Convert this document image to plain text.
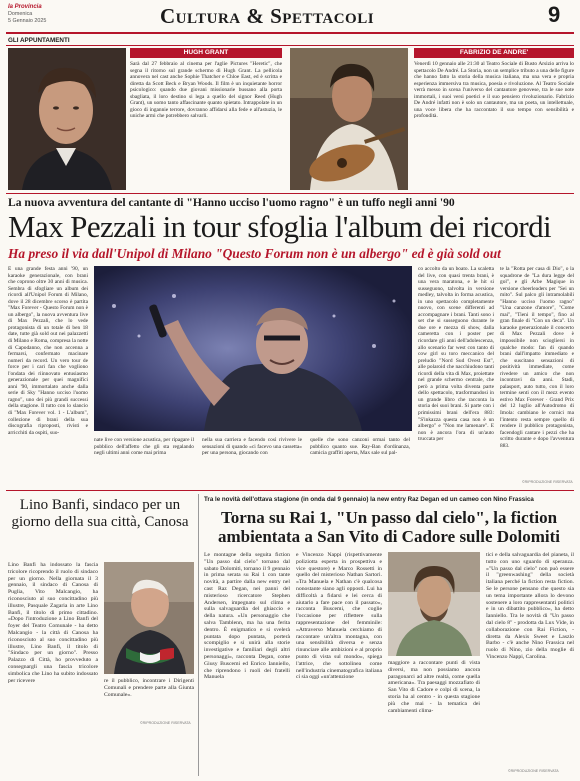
la Provincia
Domenica
5 Gennaio 2025	Cultura & Spettacoli	9
GLI APPUNTAMENTI
HUGH GRANT
Sarà dal 27 febbraio al cinema per l'aglie Pictures "Heretic", che segna il ritorno sul grande schermo di Hugh Grant. La pellicola annovera nel cast anche Sophie Thatcher e Chloe East, ed è scritta e diretta da Scott Beck e Bryan Woods. Il film è un inquietante horror psicologico: quando due giovani missionarie bussano alla porta sbagliata, il loro destino si lega a quello del signor Reed (Hugh Grant), un uomo tanto affascinante quanto spietato. Intrappolate in un gioco di ingannie terrore, dovranno affidarsi alla fede e all'astuzia, le uniche armi che potrebbero salvarli.
FABRIZIO DE ANDRE'
Venerdì 10 gennaio alle 21:30 al Teatro Sociale di Busto Arsizio arriva lo spettacolo De André. La Storia, non un semplice tributo a una delle figure che hanno fatto la storia della musica italiana, ma una vera e propria esperienza immersiva tra musica, poesia e rivoluzione. Al Teatro Sociale verrà messo in scena l'universo del cantautore genovese, tra le sue note immortali, i suoi versi poetici e il suo pensiero rivoluzionario. Fabrizio De André infatti non è solo un cantautore, ma un poeta, un intellettuale, una voce libera che ha raccontato il suo tempo con sensibilità e profondità.
La nuova avventura del cantante di "Hanno ucciso l'uomo ragno" è un tuffo negli anni '90
Max Pezzali in tour sfoglia l'album dei ricordi
Ha preso il via dall'Unipol di Milano "Questo Forum non è un albergo" ed è già sold out
È una grande festa anni '90, un karaoke generazionale, con brani che coprono oltre 30 anni di musica. Sembra di sfogliare un album dei ricordi all'Unipol Forum di Milano, dove il 28 dicembre scorso è partita "Max Forever - Questo Forum non è un albergo", la nuova avventura live di Max Pezzali, che lo vede protagonista di un totale di ben 18 date, tutte già sold out nei palazzetti di Milano e Roma, compresa la notte di Capodanno, che non accenna a fermarsi, confermato macinare numeri da record. Un vero tour de force per i cari fan che vogliono l'ondata dei riinnovato entusiasmo generazionale per quei magnifici anni '90, immortalato anche dalla serie di Sky "Hanno ucciso l'uomo ragno", uno dei più grandi successi della stagione. Il tutto con lo slancio di "Max Forever vol. 1 - L'album", collezione di brani della sua discografia riproposti, rivisti e arricchiti da ospiti, suo-
nate live con versione acustica, per ripagare il pubblico dell'affetto che gli sta regalando negli ultimi anni come mai prima
nella sua carriera e facendo così rivivere le sensazioni di quando «ci facevo una cassetta» per una persona, giocando con
quelle che sono canzoni ormai tanto del pubblico quanto sue. Ray-Ban d'ordinanza, camicia graffiti aperta, Max sale sul pal-
co accolto da un boato. La scaletta del live, con quasi trenta brani, è una vera maratona, e le hit si susseguono, talvolta in versione medley, talvolta in forma acustica, in uno spettacolo completamente nuovo, con scene differenti ad accompagnare i brani. Tanti sono i set che si susseguono durante le due ore e mezza di show, dalla cameretta con i poster per ricordare gli anni dell'adolescenza, allo scenario far west con tanto di cow girl su toro meccanico del preludio "Nord Sud Ovest Est", alle polaroid che nacchiudono tanti ricordi della vita di Max, proiettate nel grande schermo centrale, che però a prima volta diventa parte dello spettacolo, trasformandosi in un grande libro che racconta la storia dei suoi brani. Si parte con i primissimi brani dell'era 883: "S'inkazza questa casa non è un albergo" e "Non me lamenare". E non è ancora l'ora di un'auto truccata per
te la "Rotta per casa di Dio", o la squadrone de "La dura legge del gol", e gli Arbe Magique in versione cheerleaders per "Sei un mito". Sul palco gli intramolabili "Hanno ucciso l'uomo ragno" "Una canzone d'amore", "Come mai", "Tieni il tempo", fino al gran finale di "Con un deca". Un karaoke generazionale il concerto di Max Pezzali dove è impossibile non sciogliersi in qualche modo: fan di quando brani dall'impatto immediato e che suscitano sensazioni di positività immediate, come rivedere un amico che non incontravi da anni. Stadi, palasport, auto tutto, con il loro termine senti con il mezz evento estivo Max Forever · Grand Prix del 12 luglio all'Autodromo di Imola: cambiano le cornici ma l'intento resta sempre quello di rendere il pubblico protagonista, facendogli cantare i pezzi che ha scritto durante e dopo l'avventura 883.
©RIPRODUZIONE RISERVATA
Lino Banfi, sindaco per un giorno della sua città, Canosa
Lino Banfi ha indossato la fascia tricolore ricoprendo il ruolo di sindaco per un giorno. Nella giornata il 3 gennaio, il sindaco di Canosa di Puglia, Vito Malcangio, ha riconosciuto al suo concittadino più illustre, Pasquale Zagaria in arte Lino Banfi, il titolo di primo cittadino. «Dopo l'introduzione a Lino Banfi del foyer del Teatro Comunale - ha detto Malcangio - la città di Canosa ha riconosciuto al suo concittadino più illustre, Lino Banfi, il titolo di "Sindaco per un giorno". Presso Palazzo di Città, ho provveduto a consegnargli una fascia tricolore simbolica che Lino ha subito indossato per ricevere	re il pubblico, incontrare i Dirigenti Comunali e prendere parte alla Giunta Comunale».
©RIPRODUZIONE RISERVATA
Tra le novità dell'ottava stagione (in onda dal 9 gennaio) la new entry Raz Degan ed un cameo con Nino Frassica
Torna su Rai 1, "Un passo dal cielo", la fiction ambientata a San Vito di Cadore sulle Dolomiti
Le montagne della seguita fiction "Un passo dal cielo" tornano dal sabato Dolomiti, tornano il 9 gennaio in prima serata su Rai 1 con tante novità, a partire dalla new entry nel cast Raz Degan, nei panni del misterioso ricercatore Stephen Andersen, impegnato sul clima e sulla salvaguardia del ghiaccio e della natura. «Un personaggio che salva Tamblenn, ma ha una ferita dentro. È enigmatico e si svelerà puntata dopo puntata, porterà scompiglio e si unirà alla storie investigative e familiari degli altri personaggi», racconta Degan, come Giusy Buscemi ed Enrico Ianniello, che riprendono i ruoli dei fratelli Manuela
e Vincenzo Nappi (rispettivamente poliziotta esperta in prospettiva e vice questore) e Marco Rossetti in quello del misterioso Nathan Sartori. «Tra Manuela e Nathan c'è qualcosa nonostante siano agli opposti. Lui ha difficoltà a fidarsi e lei cerca di aiutarlo a fare pace con il passato», racconta Buscemi, che coglie l'occasione per riflettere sulla rappresentazione del femminile: «Attraverso Manuela cerchiamo di raccontare un'altra montagna, con una sensibilità diversa e senza rinunciare alle ambizioni e al proprio punto di vista sul mondo», spiega l'attrice, che sottolinea come nell'industria cinematografica italiana ci sia oggi «un'attenzione
maggiore a raccontare punti di vista diversi, ma non possiamo ancora paragonarci ad altre realtà, come quella americana». Tra paesaggi mozzafiato di San Vito di Cadore e colpi di scena, la storia ha al centro - in questa stagione più che mai - la tematica dei cambiamenti clima-
tici e della salvaguardia del pianeta, il tutto con uno sguardo di speranza. «"Un passo dal cielo" non può essere il "greenwashing" della società italiana perché la fiction resta fiction. Se le persone pensano che questo sia un tema importante allora lo devono sostenere a loro rappresentanti politici e in un dibattito pubblico», ha detto Ianniello. Tra le novità di "Un passo dal cielo 8" - prodotta da Lux Vide, in collaborazione con Rai Fiction, - diretta da Alexis Sweet e Laszlo Barbo - c'è anche Nino Frassica nel ruolo di Nino, zio della moglie di Vincenzo Nappi, Carolina.
©RIPRODUZIONE RISERVATA
